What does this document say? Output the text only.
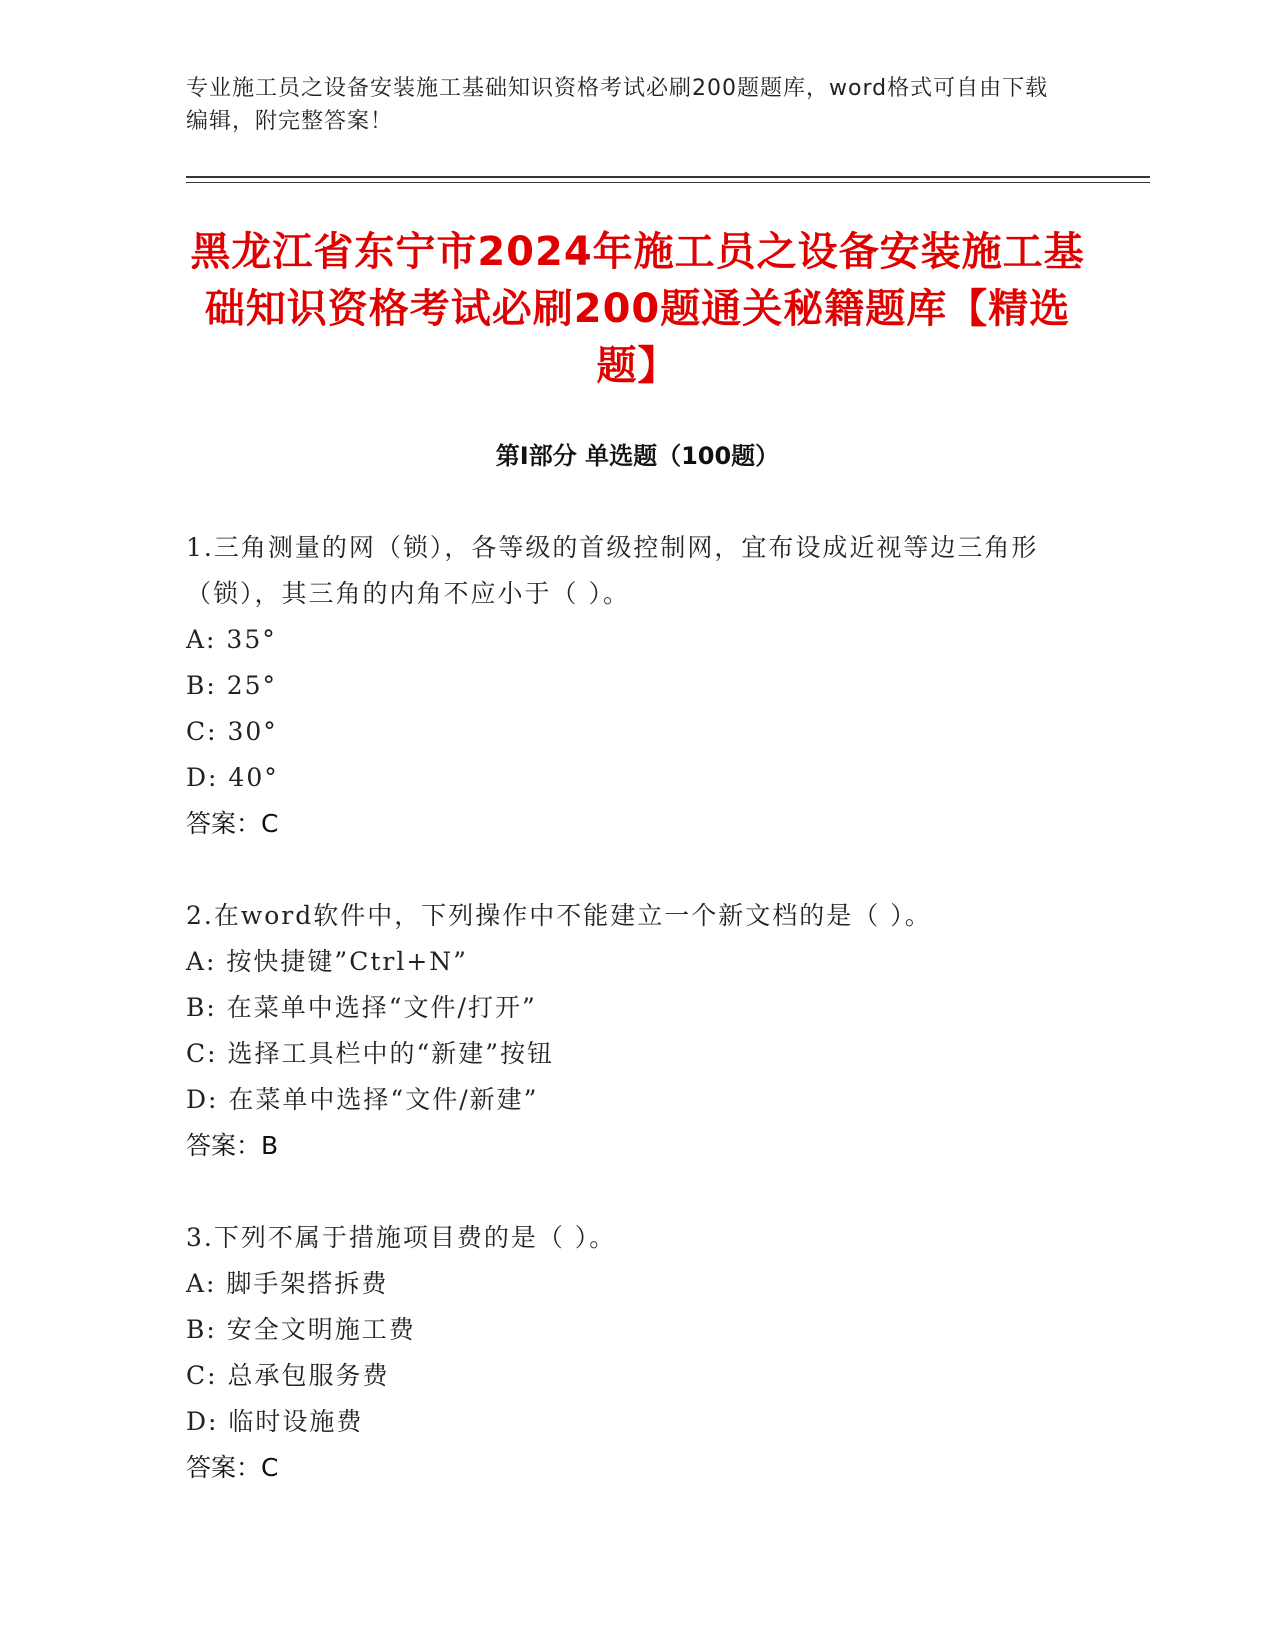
专业施工员之设备安装施工基础知识资格考试必刷200题题库，word格式可自由下载编辑，附完整答案！
黑龙江省东宁市2024年施工员之设备安装施工基础知识资格考试必刷200题通关秘籍题库【精选题】
第Ⅰ部分 单选题（100题）
1.三角测量的网（锁），各等级的首级控制网，宜布设成近视等边三角形（锁），其三角的内角不应小于（ ）。
A: 35°
B: 25°
C: 30°
D: 40°
答案：C
2.在word软件中，下列操作中不能建立一个新文档的是（ ）。
A: 按快捷键”Ctrl+N”
B: 在菜单中选择“文件/打开”
C: 选择工具栏中的“新建”按钮
D: 在菜单中选择“文件/新建”
答案：B
3.下列不属于措施项目费的是（ ）。
A: 脚手架搭拆费
B: 安全文明施工费
C: 总承包服务费
D: 临时设施费
答案：C
